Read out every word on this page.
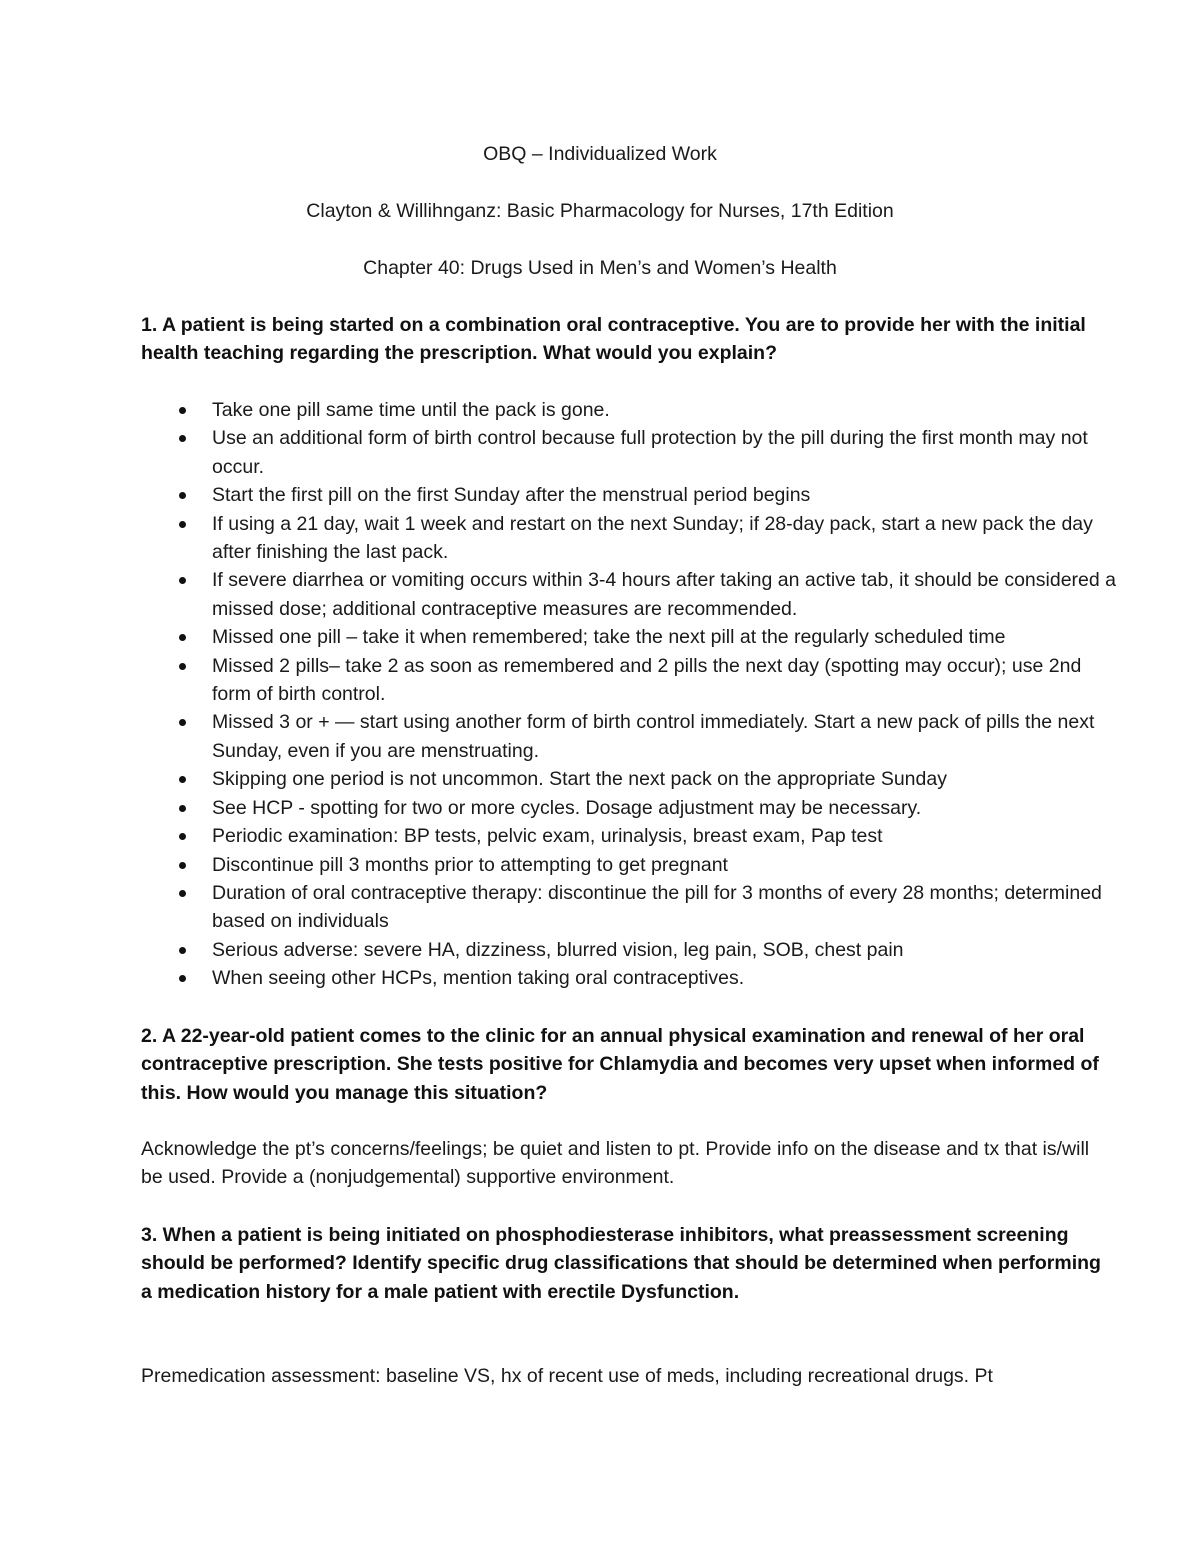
OBQ – Individualized Work
Clayton & Willihnganz: Basic Pharmacology for Nurses, 17th Edition
Chapter 40: Drugs Used in Men’s and Women’s Health

1. A patient is being started on a combination oral contraceptive. You are to provide her with the initial health teaching regarding the prescription. What would you explain?

Take one pill same time until the pack is gone.
Use an additional form of birth control because full protection by the pill during the first month may not occur.
Start the first pill on the first Sunday after the menstrual period begins
If using a 21 day, wait 1 week and restart on the next Sunday; if 28-day pack, start a new pack the day after finishing the last pack.
If severe diarrhea or vomiting occurs within 3-4 hours after taking an active tab, it should be considered a missed dose; additional contraceptive measures are recommended.
Missed one pill – take it when remembered; take the next pill at the regularly scheduled time
Missed 2 pills– take 2 as soon as remembered and 2 pills the next day (spotting may occur); use 2nd form of birth control.
Missed 3 or + — start using another form of birth control immediately. Start a new pack of pills the next Sunday, even if you are menstruating.
Skipping one period is not uncommon. Start the next pack on the appropriate Sunday
See HCP - spotting for two or more cycles. Dosage adjustment may be necessary.
Periodic examination: BP tests, pelvic exam, urinalysis, breast exam, Pap test
Discontinue pill 3 months prior to attempting to get pregnant
Duration of oral contraceptive therapy: discontinue the pill for 3 months of every 28 months; determined based on individuals
Serious adverse: severe HA, dizziness, blurred vision, leg pain, SOB, chest pain
When seeing other HCPs, mention taking oral contraceptives.

2. A 22-year-old patient comes to the clinic for an annual physical examination and renewal of her oral contraceptive prescription. She tests positive for Chlamydia and becomes very upset when informed of this. How would you manage this situation?

Acknowledge the pt’s concerns/feelings; be quiet and listen to pt. Provide info on the disease and tx that is/will be used. Provide a (nonjudgemental) supportive environment.

3. When a patient is being initiated on phosphodiesterase inhibitors, what preassessment screening should be performed? Identify specific drug classifications that should be determined when performing a medication history for a male patient with erectile Dysfunction.

Premedication assessment: baseline VS, hx of recent use of meds, including recreational drugs. Pt
